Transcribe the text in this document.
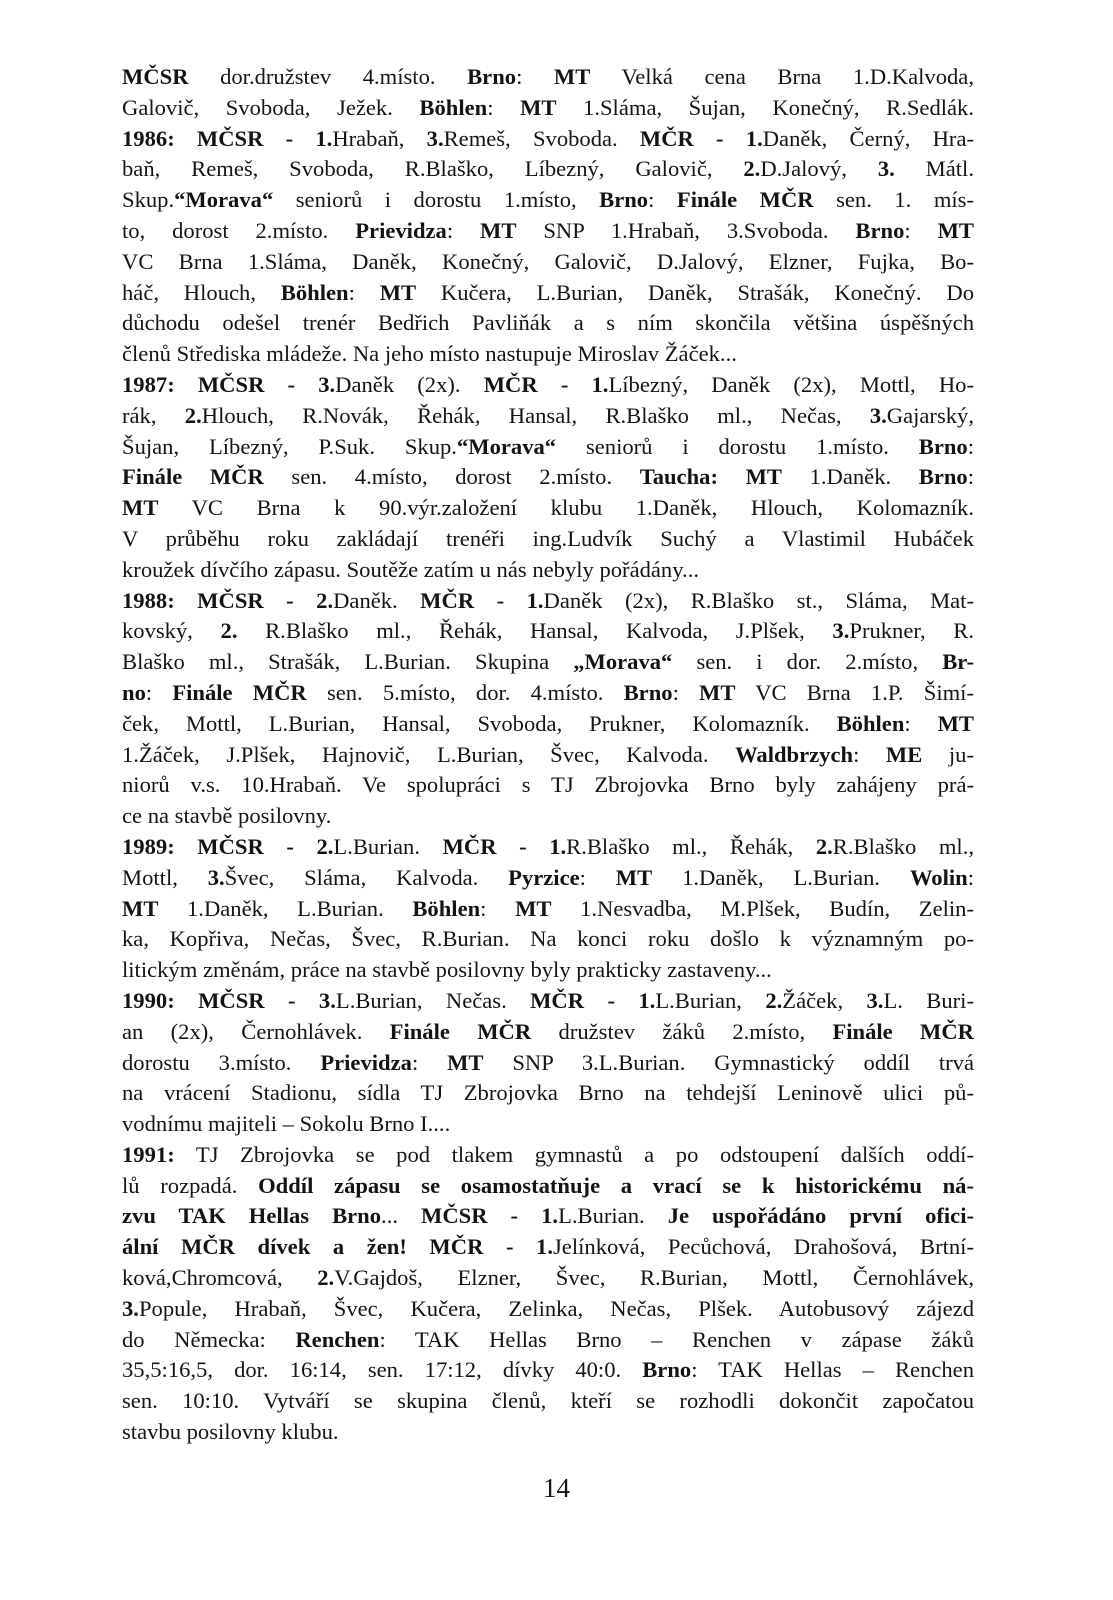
MČSR dor.družstev 4.místo. Brno: MT Velká cena Brna 1.D.Kalvoda,
Galovič, Svoboda, Ježek. Böhlen: MT 1.Sláma, Šujan, Konečný, R.Sedlák.
1986: MČSR - 1.Hrabaň, 3.Remeš, Svoboda. MČR - 1.Daněk, Černý, Hra-
baň, Remeš, Svoboda, R.Blaško, Líbezný, Galovič, 2.D.Jalový, 3. Mátl.
Skup.“Morava“ seniorů i dorostu 1.místo, Brno: Finále MČR sen. 1. mís-
to, dorost 2.místo. Prievidza: MT SNP 1.Hrabaň, 3.Svoboda. Brno: MT
VC Brna 1.Sláma, Daněk, Konečný, Galovič, D.Jalový, Elzner, Fujka, Bo-
háč, Hlouch, Böhlen: MT Kučera, L.Burian, Daněk, Strašák, Konečný. Do
důchodu odešel trenér Bedřich Pavliňák a s ním skončila většina úspěšných
členů Střediska mládeže. Na jeho místo nastupuje Miroslav Žáček...
1987: MČSR - 3.Daněk (2x). MČR - 1.Líbezný, Daněk (2x), Mottl, Ho-
rák, 2.Hlouch, R.Novák, Řehák, Hansal, R.Blaško ml., Nečas, 3.Gajarský,
Šujan, Líbezný, P.Suk. Skup.“Morava“ seniorů i dorostu 1.místo. Brno:
Finále MČR sen. 4.místo, dorost 2.místo. Taucha: MT 1.Daněk. Brno:
MT VC Brna k 90.výr.založení klubu 1.Daněk, Hlouch, Kolomazník.
V průběhu roku zakládají trenéři ing.Ludvík Suchý a Vlastimil Hubáček
kroužek dívčího zápasu. Soutěže zatím u nás nebyly pořádány...
1988: MČSR - 2.Daněk. MČR - 1.Daněk (2x), R.Blaško st., Sláma, Mat-
kovský, 2. R.Blaško ml., Řehák, Hansal, Kalvoda, J.Plšek, 3.Prukner, R.
Blaško ml., Strašák, L.Burian. Skupina „Morava“ sen. i dor. 2.místo, Br-
no: Finále MČR sen. 5.místo, dor. 4.místo. Brno: MT VC Brna 1.P. Šimí-
ček, Mottl, L.Burian, Hansal, Svoboda, Prukner, Kolomazník. Böhlen: MT
1.Žáček, J.Plšek, Hajnovič, L.Burian, Švec, Kalvoda. Waldbrzych: ME ju-
niorů v.s. 10.Hrabaň. Ve spolupráci s TJ Zbrojovka Brno byly zahájeny prá-
ce na stavbě posilovny.
1989: MČSR - 2.L.Burian. MČR - 1.R.Blaško ml., Řehák, 2.R.Blaško ml.,
Mottl, 3.Švec, Sláma, Kalvoda. Pyrzice: MT 1.Daněk, L.Burian. Wolin:
MT 1.Daněk, L.Burian. Böhlen: MT 1.Nesvadba, M.Plšek, Budín, Zelin-
ka, Kopřiva, Nečas, Švec, R.Burian. Na konci roku došlo k významným po-
litickým změnám, práce na stavbě posilovny byly prakticky zastaveny...
1990: MČSR - 3.L.Burian, Nečas. MČR - 1.L.Burian, 2.Žáček, 3.L. Buri-
an (2x), Černohlávek. Finále MČR družstev žáků 2.místo, Finále MČR
dorostu 3.místo. Prievidza: MT SNP 3.L.Burian. Gymnastický oddíl trvá
na vrácení Stadionu, sídla TJ Zbrojovka Brno na tehdejší Leninově ulici pů-
vodnímu majiteli – Sokolu Brno I....
1991: TJ Zbrojovka se pod tlakem gymnastů a po odstoupení dalších oddí-
lů rozpadá. Oddíl zápasu se osamostatňuje a vrací se k historickému ná-
zvu TAK Hellas Brno... MČSR - 1.L.Burian. Je uspořádáno první ofici-
ální MČR dívek a žen! MČR - 1.Jelínková, Pecůchová, Drahošová, Brtní-
ková,Chromcová, 2.V.Gajdoš, Elzner, Švec, R.Burian, Mottl, Černohlávek,
3.Popule, Hrabaň, Švec, Kučera, Zelinka, Nečas, Plšek. Autobusový zájezd
do Německa: Renchen: TAK Hellas Brno – Renchen v zápase žáků
35,5:16,5, dor. 16:14, sen. 17:12, dívky 40:0. Brno: TAK Hellas – Renchen
sen. 10:10. Vytváří se skupina členů, kteří se rozhodli dokončit započatou
stavbu posilovny klubu.
14
